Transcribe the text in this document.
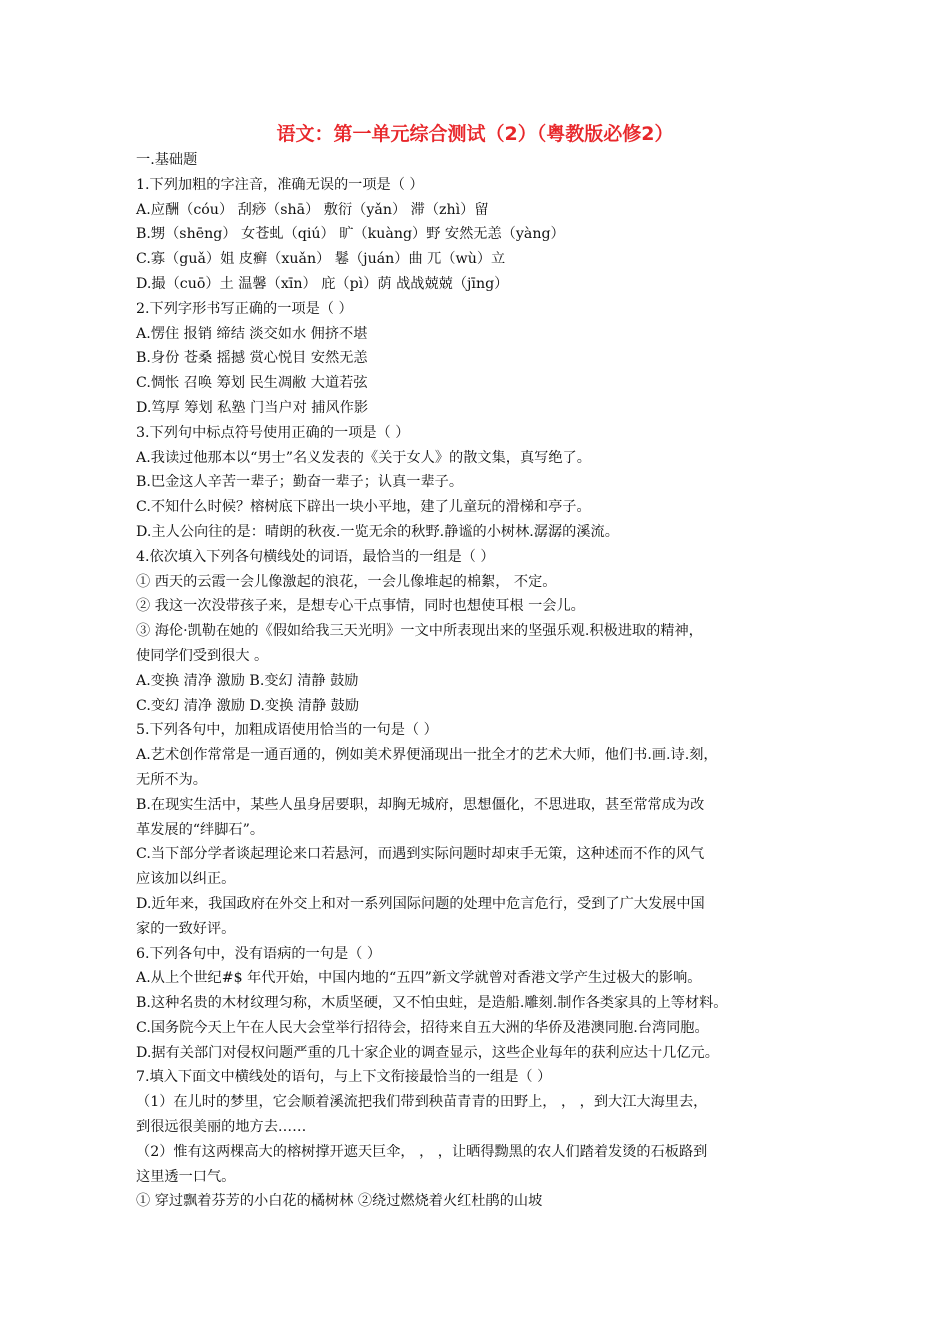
语文：第一单元综合测试（2）（粤教版必修2）
一.基础题
1.下列加粗的字注音，准确无误的一项是（ ）
A.应酬（cóu） 刮痧（shā） 敷衍（yǎn） 滞（zhì）留
B.甥（shēng） 女苍虬（qiú） 旷（kuàng）野 安然无恙（yàng）
C.寡（guǎ）姐 皮癣（xuǎn） 鬈（juán）曲 兀（wù）立
D.撮（cuō）土 温馨（xīn） 庇（pì）荫 战战兢兢（jīng）
2.下列字形书写正确的一项是（ ）
A.愣住 报销 缔结 淡交如水 佣挤不堪
B.身份 苍桑 摇撼 赏心悦目 安然无恙
C.惆怅 召唤 筹划 民生凋敝 大道若弦
D.笃厚 筹划 私塾 门当户对 捕风作影
3.下列句中标点符号使用正确的一项是（ ）
A.我读过他那本以“男士”名义发表的《关于女人》的散文集，真写绝了。
B.巴金这人辛苦一辈子；勤奋一辈子；认真一辈子。
C.不知什么时候？榕树底下辟出一块小平地，建了儿童玩的滑梯和亭子。
D.主人公向往的是：晴朗的秋夜.一览无余的秋野.静谧的小树林.潺潺的溪流。
4.依次填入下列各句横线处的词语，最恰当的一组是（ ）
① 西天的云霞一会儿像激起的浪花，一会儿像堆起的棉絮， 不定。
② 我这一次没带孩子来，是想专心干点事情，同时也想使耳根 一会儿。
③ 海伦·凯勒在她的《假如给我三天光明》一文中所表现出来的坚强乐观.积极进取的精神，
使同学们受到很大 。
A.变换 清净 激励 B.变幻 清静 鼓励
C.变幻 清净 激励 D.变换 清静 鼓励
5.下列各句中，加粗成语使用恰当的一句是（ ）
A.艺术创作常常是一通百通的，例如美术界便涌现出一批全才的艺术大师，他们书.画.诗.刻，
无所不为。
B.在现实生活中，某些人虽身居要职，却胸无城府，思想僵化，不思进取，甚至常常成为改
革发展的“绊脚石”。
C.当下部分学者谈起理论来口若悬河，而遇到实际问题时却束手无策，这种述而不作的风气
应该加以纠正。
D.近年来，我国政府在外交上和对一系列国际问题的处理中危言危行，受到了广大发展中国
家的一致好评。
6.下列各句中，没有语病的一句是（ ）
A.从上个世纪#$ 年代开始，中国内地的“五四”新文学就曾对香港文学产生过极大的影响。
B.这种名贵的木材纹理匀称，木质坚硬，又不怕虫蛀，是造船.雕刻.制作各类家具的上等材料。
C.国务院今天上午在人民大会堂举行招待会，招待来自五大洲的华侨及港澳同胞.台湾同胞。
D.据有关部门对侵权问题严重的几十家企业的调查显示，这些企业每年的获利应达十几亿元。
7.填入下面文中横线处的语句，与上下文衔接最恰当的一组是（ ）
（1）在儿时的梦里，它会顺着溪流把我们带到秧苗青青的田野上， ， ，到大江大海里去，
到很远很美丽的地方去……
（2）惟有这两棵高大的榕树撑开遮天巨伞， ， ，让晒得黝黑的农人们踏着发烫的石板路到
这里透一口气。
① 穿过飘着芬芳的小白花的橘树林 ②绕过燃烧着火红杜鹃的山坡
